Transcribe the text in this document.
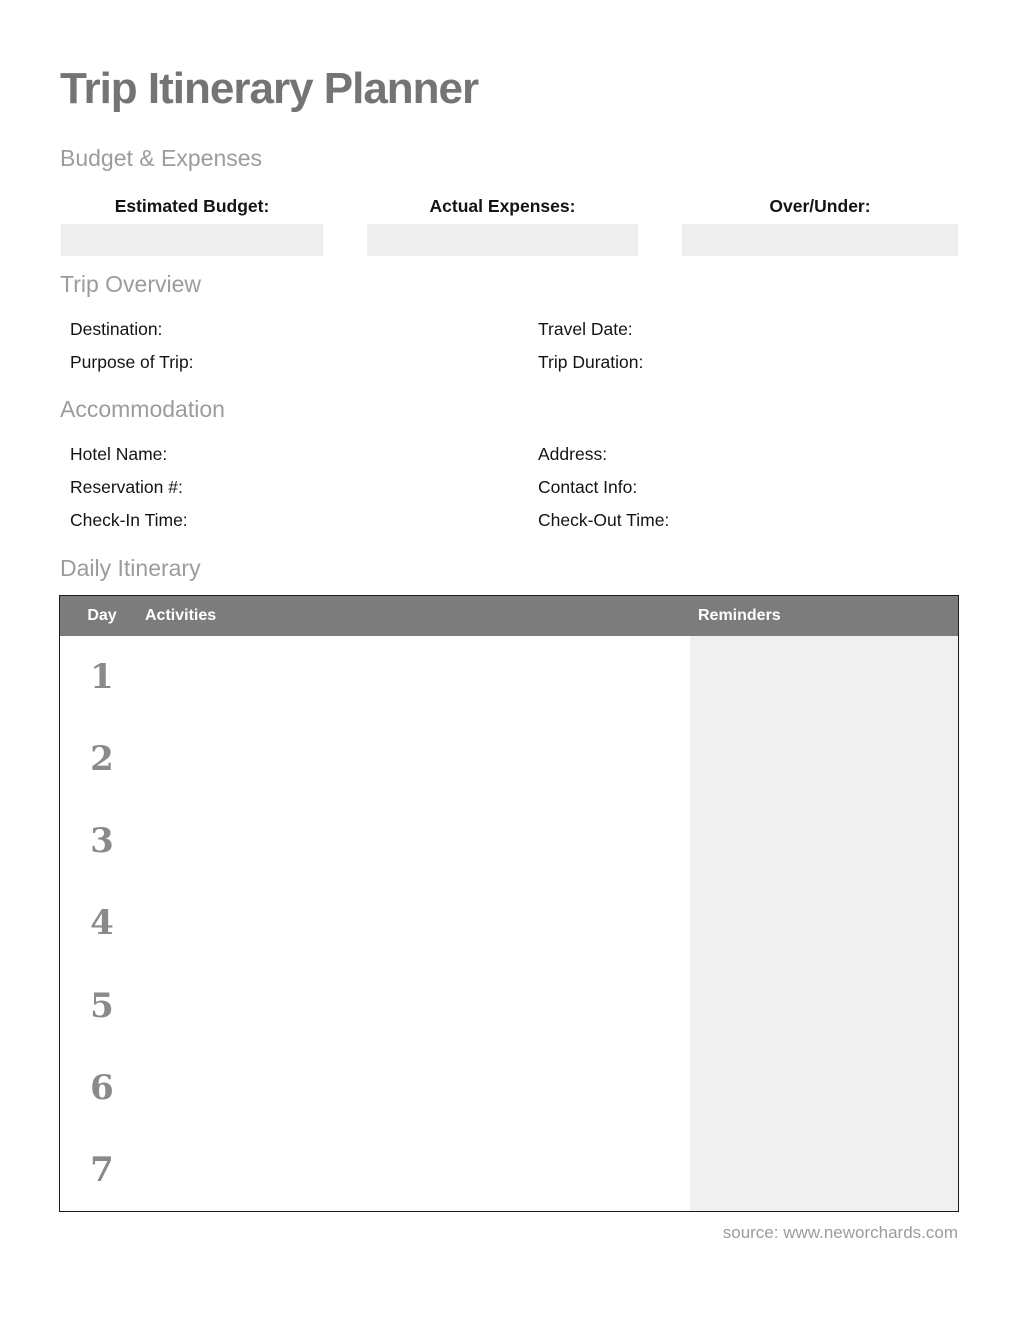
Trip Itinerary Planner
Budget & Expenses
Estimated Budget:	Actual Expenses:	Over/Under:
Trip Overview
Destination:	Travel Date:
Purpose of Trip:	Trip Duration:
Accommodation
Hotel Name:	Address:
Reservation #:	Contact Info:
Check-In Time:	Check-Out Time:
Daily Itinerary
Day	Activities	Reminders
1
2
3
4
5
6
7
source: www.neworchards.com
